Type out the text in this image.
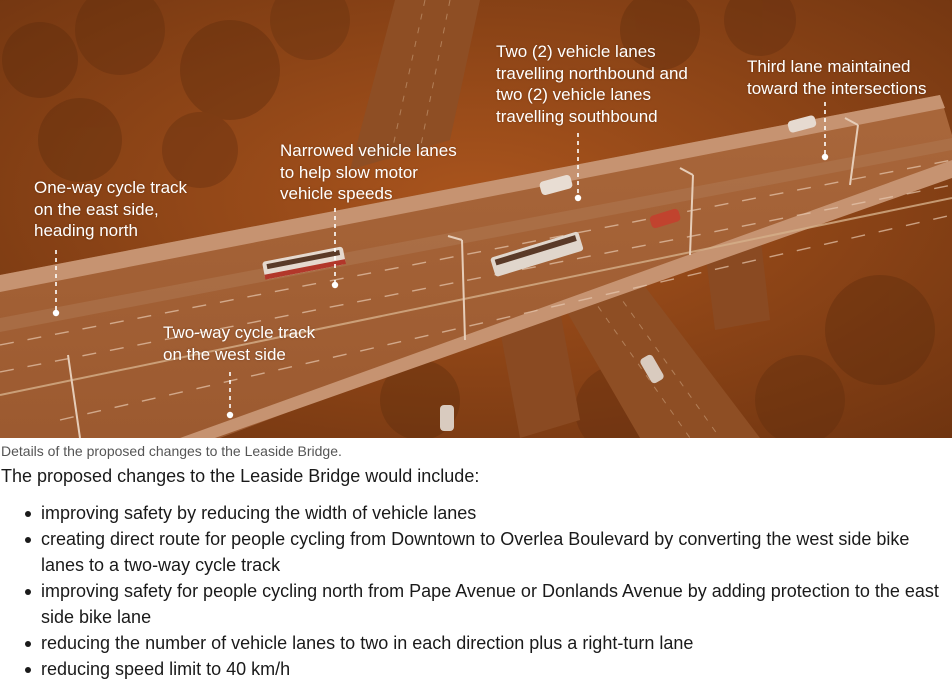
One-way cycle track
on the east side,
heading north
Narrowed vehicle lanes
to help slow motor
vehicle speeds
Two (2) vehicle lanes
travelling northbound and
two (2) vehicle lanes
travelling southbound
Third lane maintained
toward the intersections
Two-way cycle track
on the west side
Details of the proposed changes to the Leaside Bridge.
The proposed changes to the Leaside Bridge would include:
improving safety by reducing the width of vehicle lanes
creating direct route for people cycling from Downtown to Overlea Boulevard by converting the west side bike lanes to a two-way cycle track
improving safety for people cycling north from Pape Avenue or Donlands Avenue by adding protection to the east side bike lane
reducing the number of vehicle lanes to two in each direction plus a right-turn lane
reducing speed limit to 40 km/h
